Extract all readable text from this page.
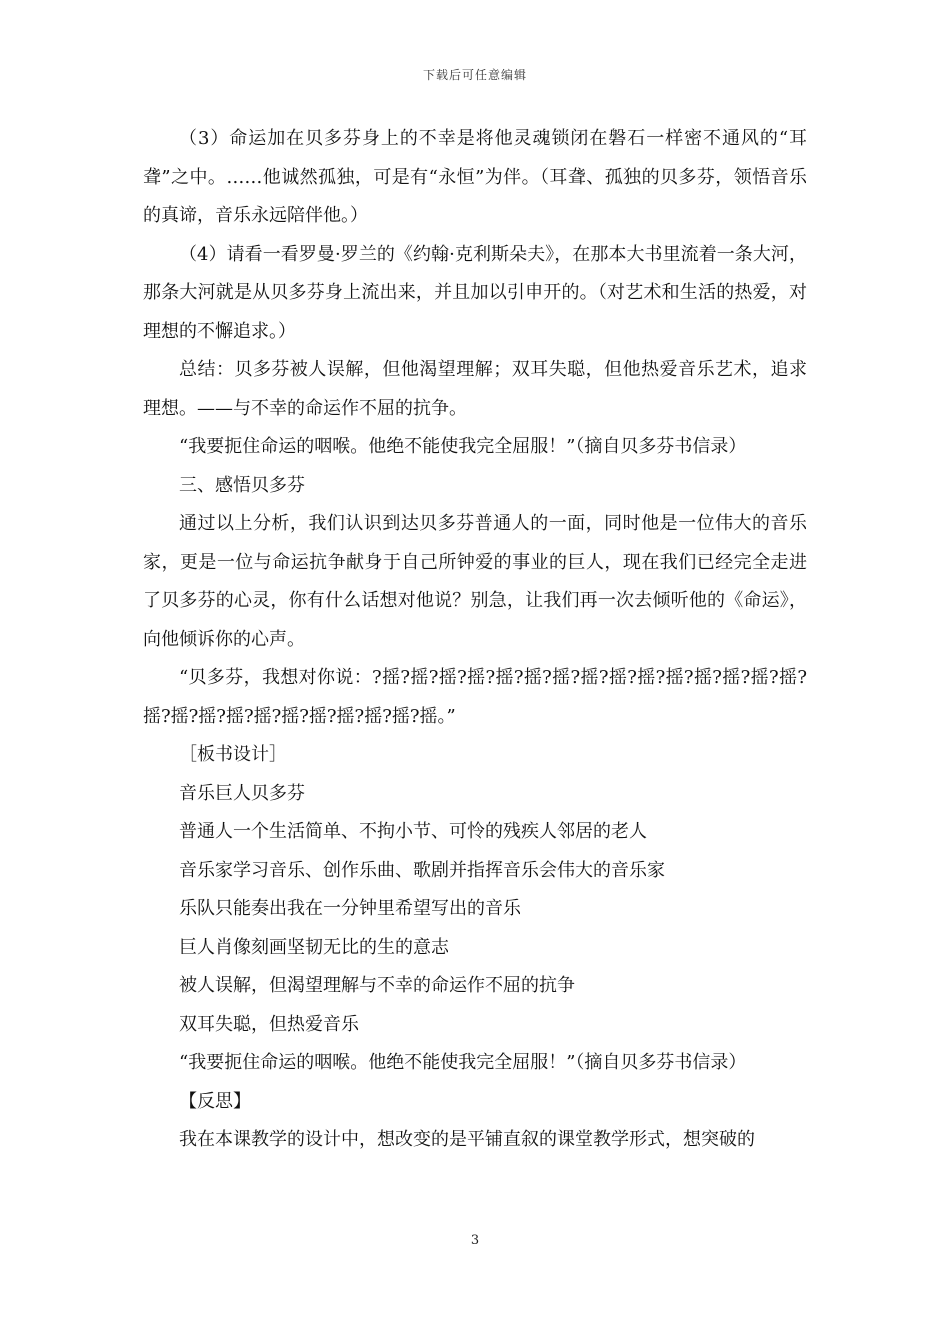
下载后可任意编辑

（3）命运加在贝多芬身上的不幸是将他灵魂锁闭在磐石一样密不通风的“耳聋”之中。……他诚然孤独，可是有“永恒”为伴。（耳聋、孤独的贝多芬，领悟音乐的真谛，音乐永远陪伴他。）

（4）请看一看罗曼·罗兰的《约翰·克利斯朵夫》，在那本大书里流着一条大河，那条大河就是从贝多芬身上流出来，并且加以引申开的。（对艺术和生活的热爱，对理想的不懈追求。）

总结：贝多芬被人误解，但他渴望理解；双耳失聪，但他热爱音乐艺术，追求理想。——与不幸的命运作不屈的抗争。

“我要扼住命运的咽喉。他绝不能使我完全屈服！”（摘自贝多芬书信录）

三、感悟贝多芬

通过以上分析，我们认识到达贝多芬普通人的一面，同时他是一位伟大的音乐家，更是一位与命运抗争献身于自己所钟爱的事业的巨人，现在我们已经完全走进了贝多芬的心灵，你有什么话想对他说？别急，让我们再一次去倾听他的《命运》，向他倾诉你的心声。

“贝多芬，我想对你说：?摇?摇?摇?摇?摇?摇?摇?摇?摇?摇?摇?摇?摇?摇?摇?摇?摇?摇?摇?摇?摇?摇?摇?摇?摇?摇。”

［板书设计］

音乐巨人贝多芬

普通人一个生活简单、不拘小节、可怜的残疾人邻居的老人

音乐家学习音乐、创作乐曲、歌剧并指挥音乐会伟大的音乐家

乐队只能奏出我在一分钟里希望写出的音乐

巨人肖像刻画坚韧无比的生的意志

被人误解，但渴望理解与不幸的命运作不屈的抗争

双耳失聪，但热爱音乐

“我要扼住命运的咽喉。他绝不能使我完全屈服！”（摘自贝多芬书信录）

【反思】

我在本课教学的设计中，想改变的是平铺直叙的课堂教学形式，想突破的

3
